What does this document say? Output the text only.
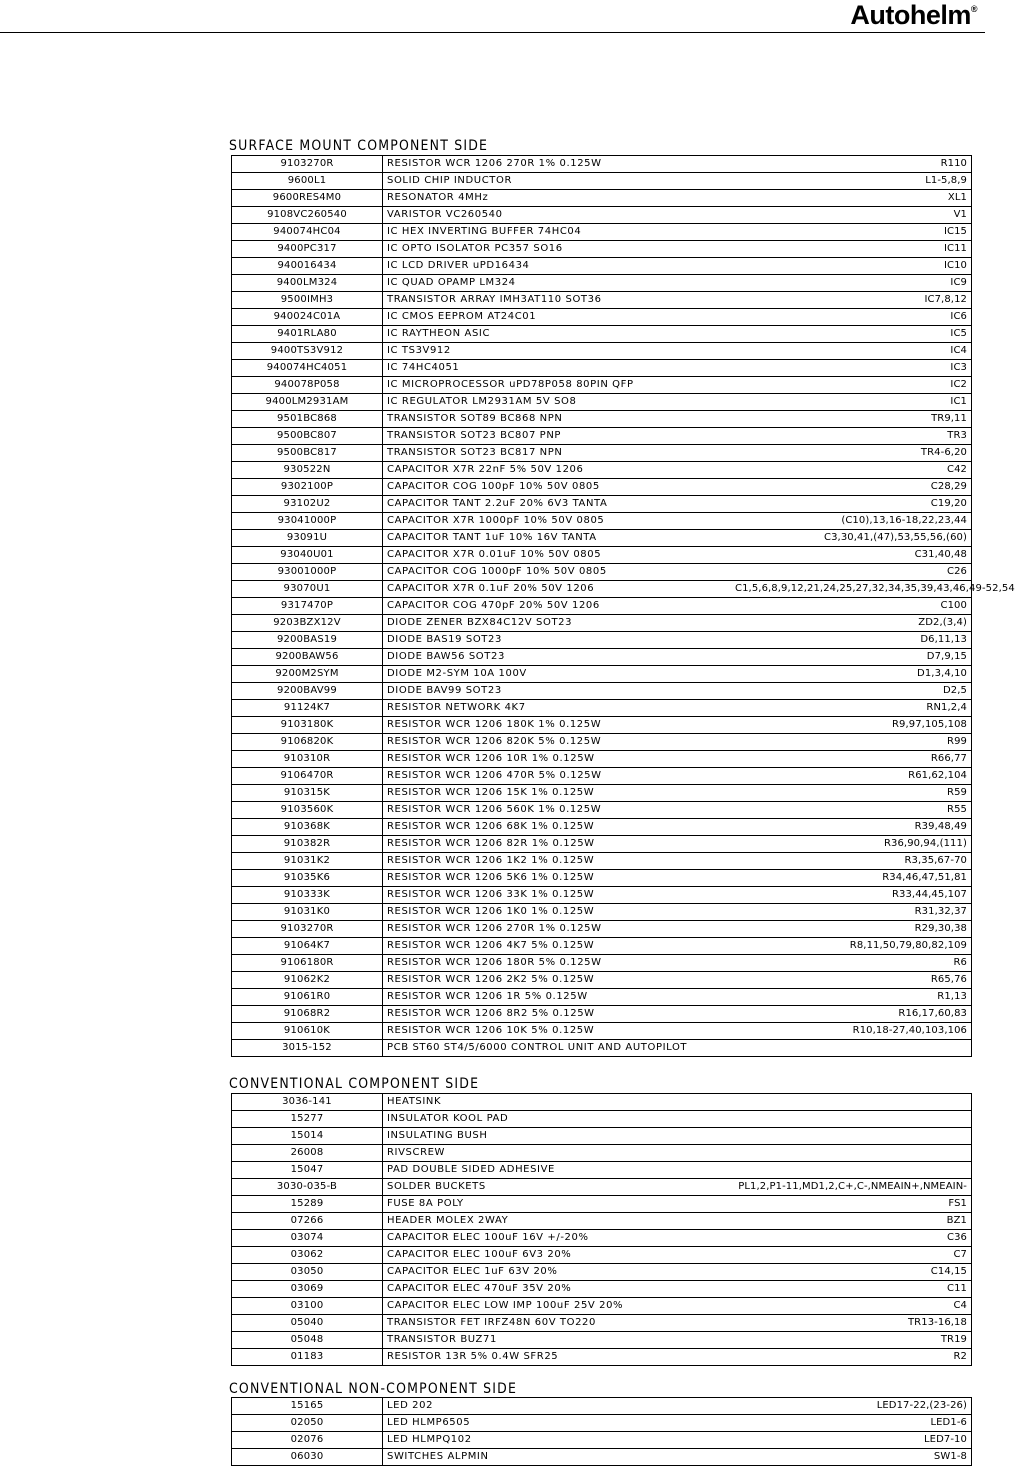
Autohelm®
SURFACE MOUNT COMPONENT SIDE
9103270R	RESISTOR WCR 1206 270R 1% 0.125W	R110
9600L1	SOLID CHIP INDUCTOR	L1-5,8,9
9600RES4M0	RESONATOR 4MHz	XL1
9108VC260540	VARISTOR VC260540	V1
940074HC04	IC HEX INVERTING BUFFER 74HC04	IC15
9400PC317	IC OPTO ISOLATOR PC357 SO16	IC11
940016434	IC LCD DRIVER uPD16434	IC10
9400LM324	IC QUAD OPAMP LM324	IC9
9500IMH3	TRANSISTOR ARRAY IMH3AT110 SOT36	IC7,8,12
940024C01A	IC CMOS EEPROM AT24C01	IC6
9401RLA80	IC RAYTHEON ASIC	IC5
9400TS3V912	IC TS3V912	IC4
940074HC4051	IC 74HC4051	IC3
940078P058	IC MICROPROCESSOR uPD78P058 80PIN QFP	IC2
9400LM2931AM	IC REGULATOR LM2931AM 5V SO8	IC1
9501BC868	TRANSISTOR SOT89 BC868 NPN	TR9,11
9500BC807	TRANSISTOR SOT23 BC807 PNP	TR3
9500BC817	TRANSISTOR SOT23 BC817 NPN	TR4-6,20
930522N	CAPACITOR X7R 22nF 5% 50V 1206	C42
9302100P	CAPACITOR COG 100pF 10% 50V 0805	C28,29
93102U2	CAPACITOR TANT 2.2uF 20% 6V3 TANTA	C19,20
93041000P	CAPACITOR X7R 1000pF 10% 50V 0805	(C10),13,16-18,22,23,44
93091U	CAPACITOR TANT 1uF 10% 16V TANTA	C3,30,41,(47),53,55,56,(60)
93040U01	CAPACITOR X7R 0.01uF 10% 50V 0805	C31,40,48
93001000P	CAPACITOR COG 1000pF 10% 50V 0805	C26
93070U1	CAPACITOR X7R 0.1uF 20% 50V 1206	C1,5,6,8,9,12,21,24,25,27,32,34,35,39,43,46,49-52,54
9317470P	CAPACITOR COG 470pF 20% 50V 1206	C100
9203BZX12V	DIODE ZENER BZX84C12V SOT23	ZD2,(3,4)
9200BAS19	DIODE BAS19 SOT23	D6,11,13
9200BAW56	DIODE BAW56 SOT23	D7,9,15
9200M2SYM	DIODE M2-SYM 10A 100V	D1,3,4,10
9200BAV99	DIODE BAV99 SOT23	D2,5
91124K7	RESISTOR NETWORK 4K7	RN1,2,4
9103180K	RESISTOR WCR 1206 180K 1% 0.125W	R9,97,105,108
9106820K	RESISTOR WCR 1206 820K 5% 0.125W	R99
910310R	RESISTOR WCR 1206 10R 1% 0.125W	R66,77
9106470R	RESISTOR WCR 1206 470R 5% 0.125W	R61,62,104
910315K	RESISTOR WCR 1206 15K 1% 0.125W	R59
9103560K	RESISTOR WCR 1206 560K 1% 0.125W	R55
910368K	RESISTOR WCR 1206 68K 1% 0.125W	R39,48,49
910382R	RESISTOR WCR 1206 82R 1% 0.125W	R36,90,94,(111)
91031K2	RESISTOR WCR 1206 1K2 1% 0.125W	R3,35,67-70
91035K6	RESISTOR WCR 1206 5K6 1% 0.125W	R34,46,47,51,81
910333K	RESISTOR WCR 1206 33K 1% 0.125W	R33,44,45,107
91031K0	RESISTOR WCR 1206 1K0 1% 0.125W	R31,32,37
9103270R	RESISTOR WCR 1206 270R 1% 0.125W	R29,30,38
91064K7	RESISTOR WCR 1206 4K7 5% 0.125W	R8,11,50,79,80,82,109
9106180R	RESISTOR WCR 1206 180R 5% 0.125W	R6
91062K2	RESISTOR WCR 1206 2K2 5% 0.125W	R65,76
91061R0	RESISTOR WCR 1206 1R 5% 0.125W	R1,13
91068R2	RESISTOR WCR 1206 8R2 5% 0.125W	R16,17,60,83
910610K	RESISTOR WCR 1206 10K 5% 0.125W	R10,18-27,40,103,106
3015-152	PCB ST60 ST4/5/6000 CONTROL UNIT AND AUTOPILOT	
CONVENTIONAL COMPONENT SIDE
3036-141	HEATSINK	
15277	INSULATOR KOOL PAD	
15014	INSULATING BUSH	
26008	RIVSCREW	
15047	PAD DOUBLE SIDED ADHESIVE	
3030-035-B	SOLDER BUCKETS	PL1,2,P1-11,MD1,2,C+,C-,NMEAIN+,NMEAIN-
15289	FUSE 8A POLY	FS1
07266	HEADER MOLEX 2WAY	BZ1
03074	CAPACITOR ELEC 100uF 16V +/-20%	C36
03062	CAPACITOR ELEC 100uF 6V3 20%	C7
03050	CAPACITOR ELEC 1uF 63V 20%	C14,15
03069	CAPACITOR ELEC 470uF 35V 20%	C11
03100	CAPACITOR ELEC LOW IMP 100uF 25V 20%	C4
05040	TRANSISTOR FET IRFZ48N 60V TO220	TR13-16,18
05048	TRANSISTOR BUZ71	TR19
01183	RESISTOR 13R 5% 0.4W SFR25	R2
CONVENTIONAL NON-COMPONENT SIDE
15165	LED 202	LED17-22,(23-26)
02050	LED HLMP6505	LED1-6
02076	LED HLMPQ102	LED7-10
06030	SWITCHES ALPMIN	SW1-8
